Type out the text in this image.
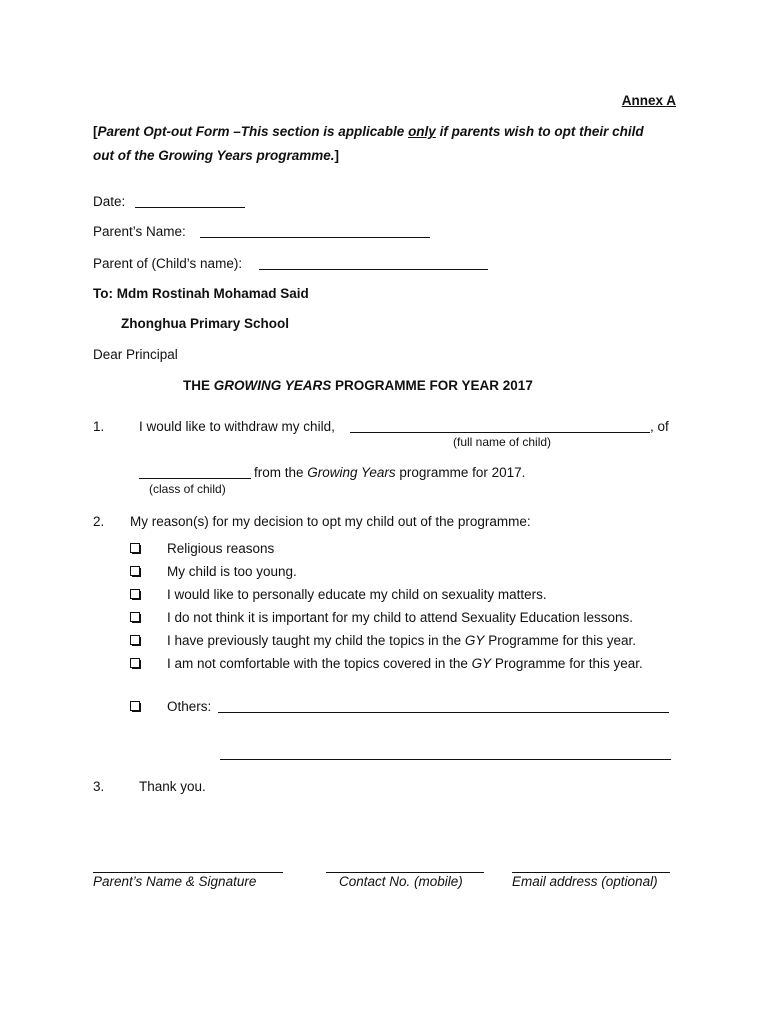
Annex A
[Parent Opt-out Form –This section is applicable only if parents wish to opt their child
out of the Growing Years programme.]
Date:
Parent’s Name:
Parent of (Child’s name):
To: Mdm Rostinah Mohamad Said
Zhonghua Primary School
Dear Principal
THE GROWING YEARS PROGRAMME FOR YEAR 2017
1.	I would like to withdraw my child,	, of
(full name of child)
from the Growing Years programme for 2017.
(class of child)
2. My reason(s) for my decision to opt my child out of the programme:
Religious reasons
My child is too young.
I would like to personally educate my child on sexuality matters.
I do not think it is important for my child to attend Sexuality Education lessons.
I have previously taught my child the topics in the GY Programme for this year.
I am not comfortable with the topics covered in the GY Programme for this year.
Others:
3.	Thank you.
Parent’s Name & Signature	Contact No. (mobile)	Email address (optional)
